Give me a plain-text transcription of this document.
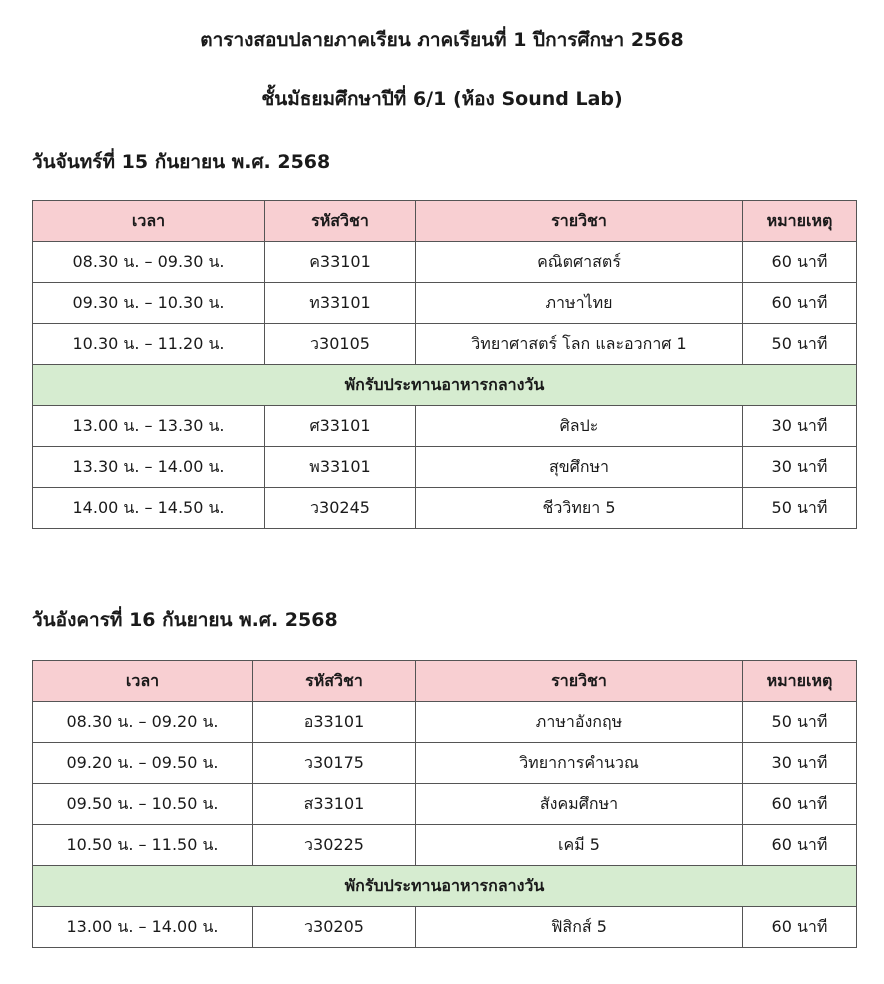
ตารางสอบปลายภาคเรียน ภาคเรียนที่ 1 ปีการศึกษา 2568
ชั้นมัธยมศึกษาปีที่ 6/1 (ห้อง Sound Lab)
วันจันทร์ที่ 15 กันยายน พ.ศ. 2568
เวลา	รหัสวิชา	รายวิชา	หมายเหตุ
08.30 น. – 09.30 น.	ค33101	คณิตศาสตร์	60 นาที
09.30 น. – 10.30 น.	ท33101	ภาษาไทย	60 นาที
10.30 น. – 11.20 น.	ว30105	วิทยาศาสตร์ โลก และอวกาศ 1	50 นาที
พักรับประทานอาหารกลางวัน			
13.00 น. – 13.30 น.	ศ33101	ศิลปะ	30 นาที
13.30 น. – 14.00 น.	พ33101	สุขศึกษา	30 นาที
14.00 น. – 14.50 น.	ว30245	ชีววิทยา 5	50 นาที
วันอังคารที่ 16 กันยายน พ.ศ. 2568
เวลา	รหัสวิชา	รายวิชา	หมายเหตุ
08.30 น. – 09.20 น.	อ33101	ภาษาอังกฤษ	50 นาที
09.20 น. – 09.50 น.	ว30175	วิทยาการคำนวณ	30 นาที
09.50 น. – 10.50 น.	ส33101	สังคมศึกษา	60 นาที
10.50 น. – 11.50 น.	ว30225	เคมี 5	60 นาที
พักรับประทานอาหารกลางวัน			
13.00 น. – 14.00 น.	ว30205	ฟิสิกส์ 5	60 นาที
